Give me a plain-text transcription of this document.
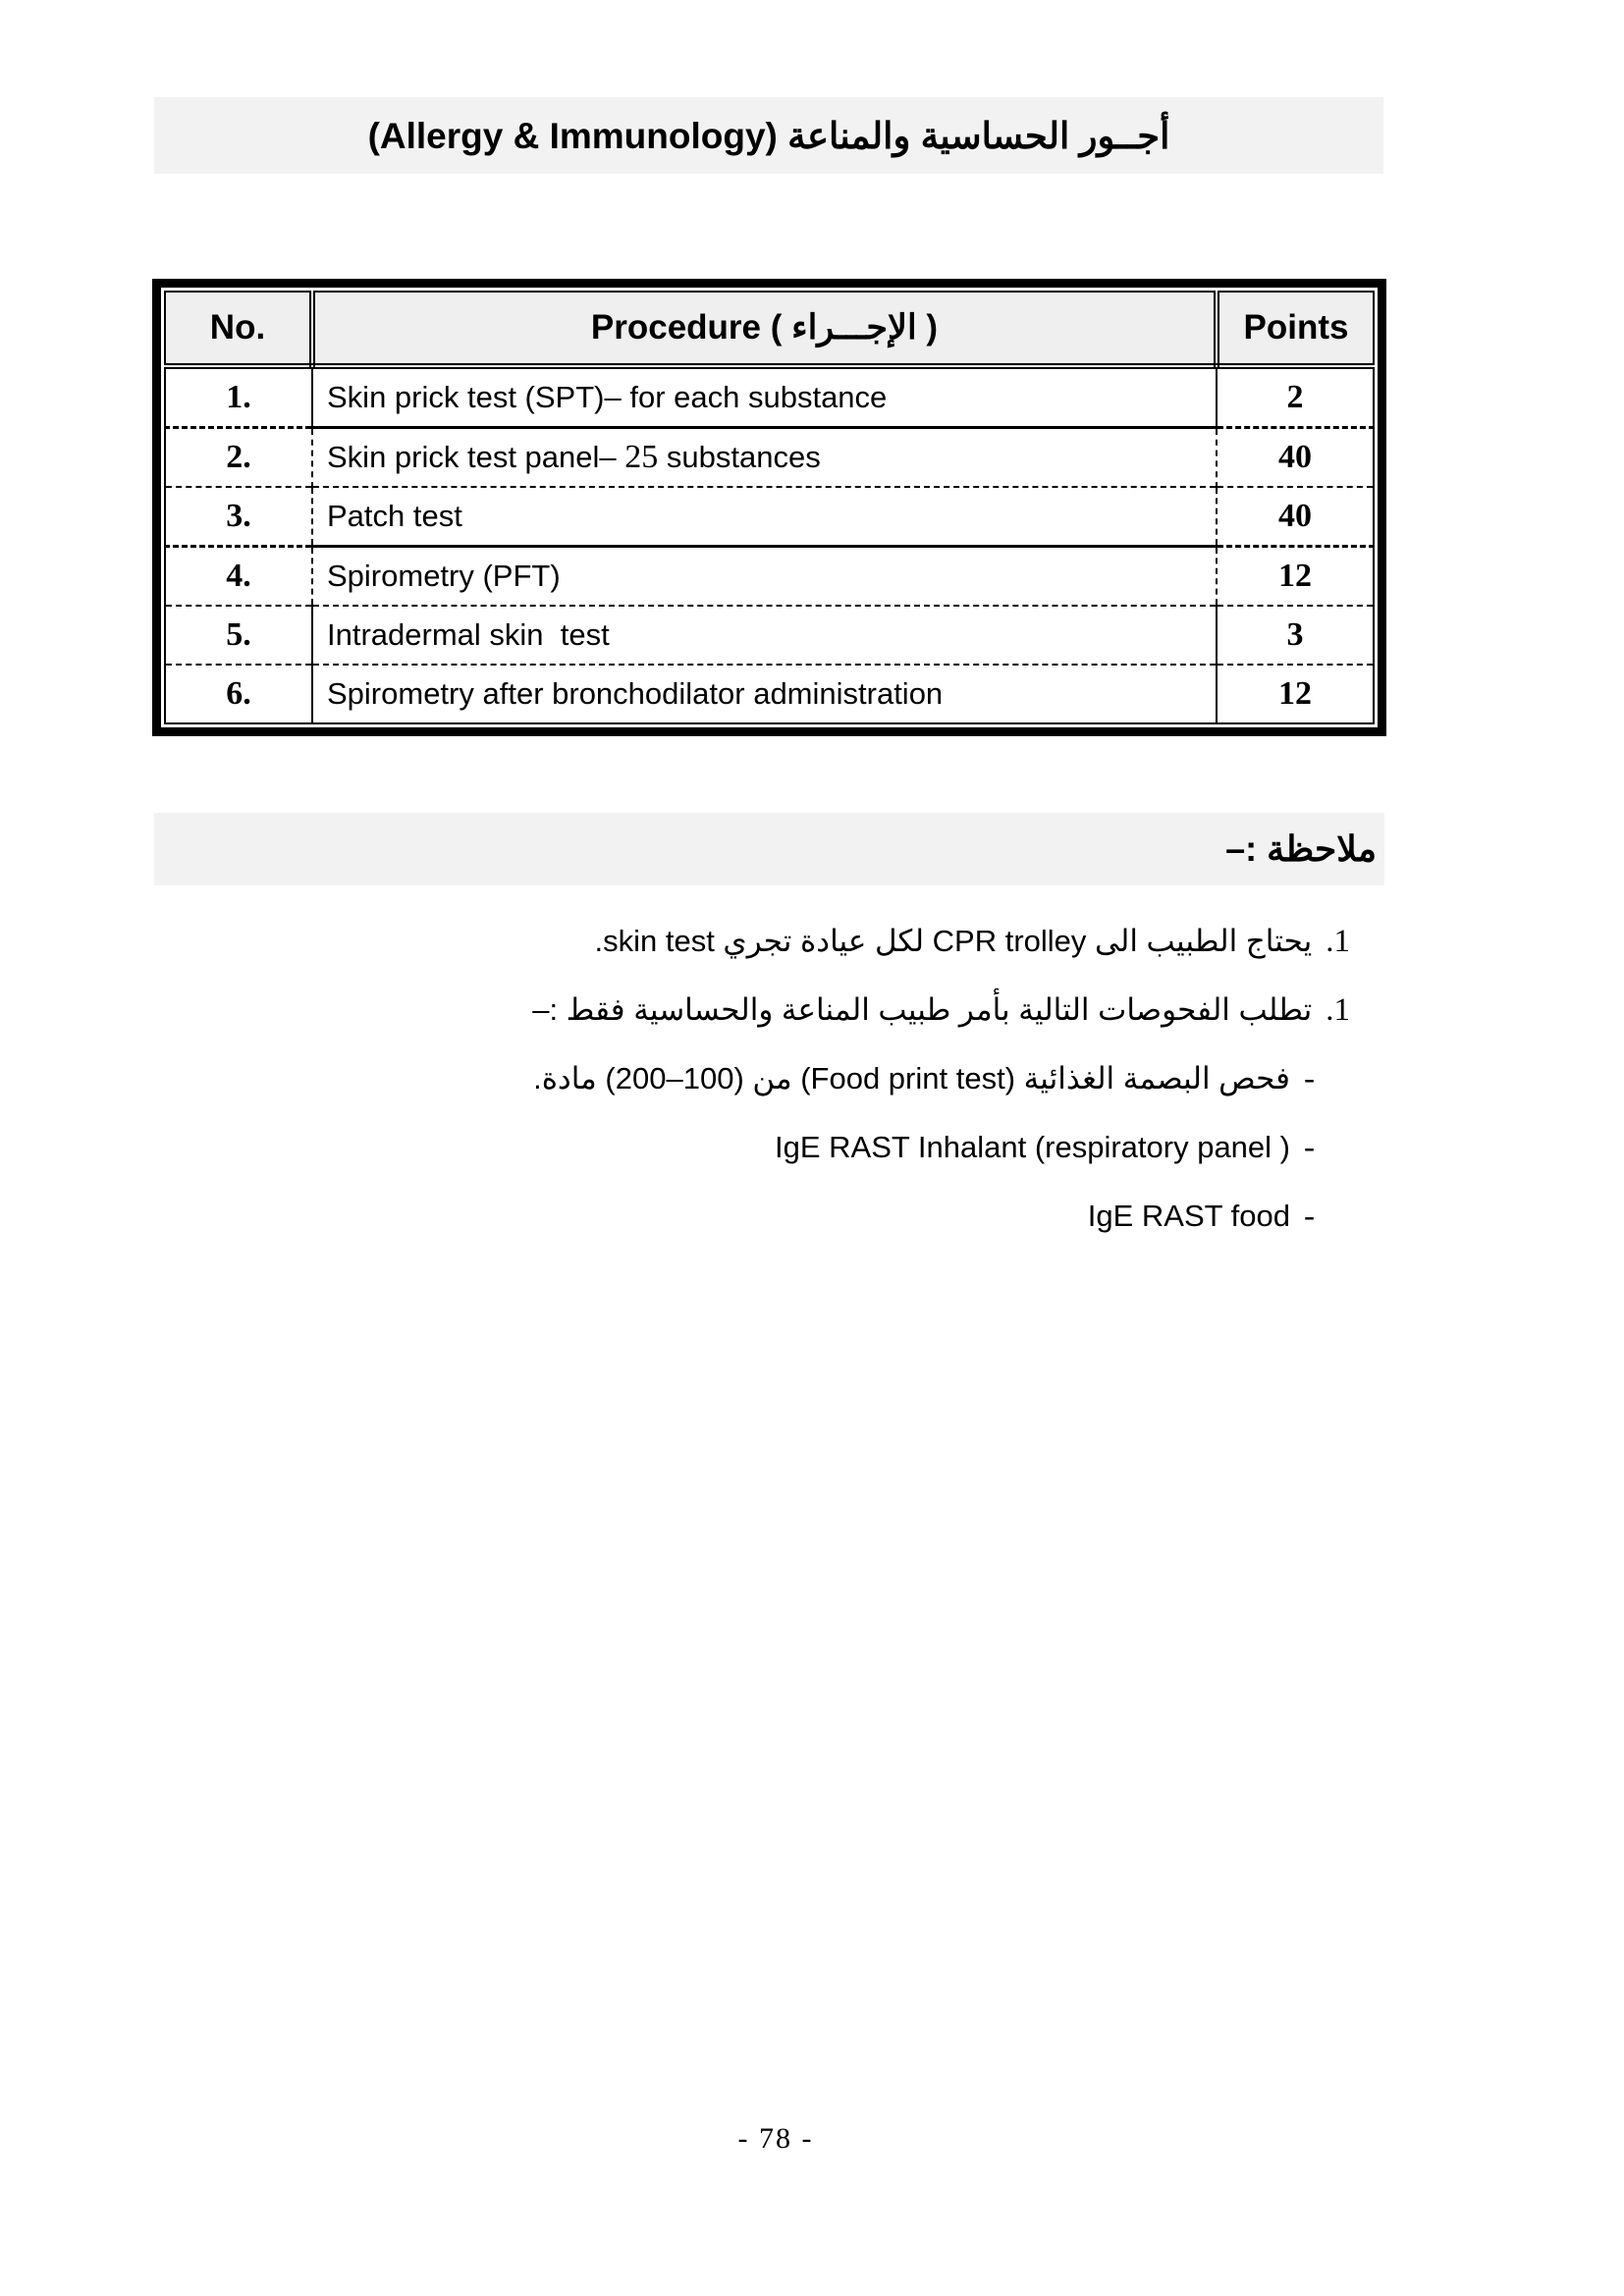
أجــور الحساسية والمناعة (Allergy & Immunology)
No.	Procedure ( الإجـــراء )	Points
1.	Skin prick test (SPT)– for each substance	2
2.	Skin prick test panel– 25 substances	40
3.	Patch test	40
4.	Spirometry (PFT)	12
5.	Intradermal skin  test	3
6.	Spirometry after bronchodilator administration	12
ملاحظة :–
1.يحتاج الطبيب الى CPR trolley لكل عيادة تجري skin test.
1.تطلب الفحوصات التالية بأمر طبيب المناعة والحساسية فقط :–
-فحص البصمة الغذائية (Food print test) من (100–200) مادة.
-IgE RAST Inhalant (respiratory panel )
-IgE RAST food
- 78 -
